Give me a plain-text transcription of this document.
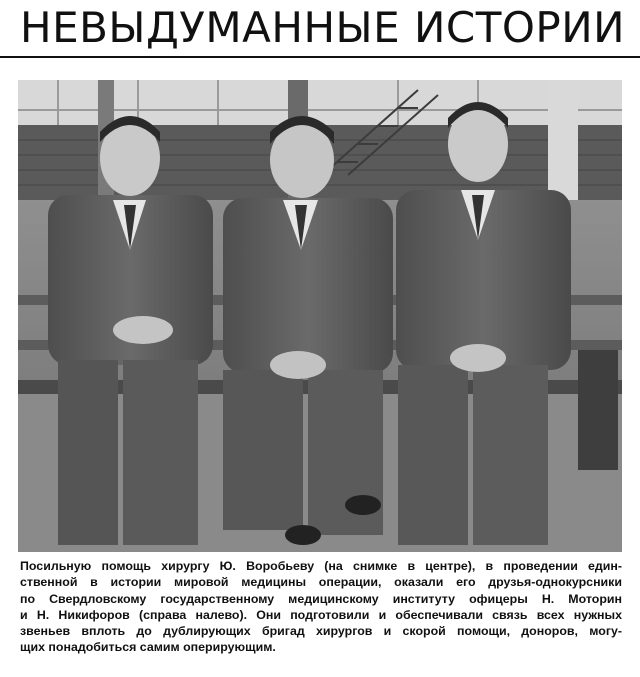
НЕВЫДУМАННЫЕ ИСТОРИИ
Посильную помощь хирургу Ю. Воробьеву (на снимке в центре), в проведении един-
ственной в истории мировой медицины операции, оказали его друзья-однокурсники
по Свердловскому государственному медицинскому институту офицеры Н. Моторин
и Н. Никифоров (справа налево). Они подготовили и обеспечивали связь всех нужных
звеньев вплоть до дублирующих бригад хирургов и скорой помощи, доноров, могу-
щих понадобиться самим оперирующим.
